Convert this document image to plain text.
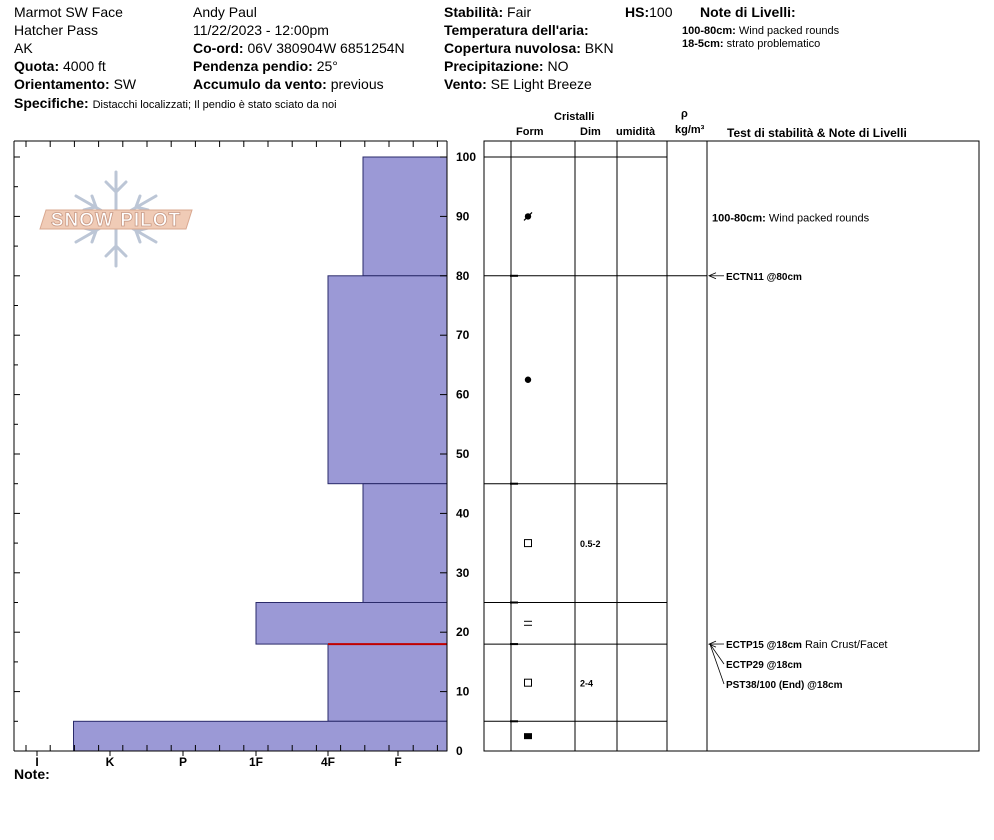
Marmot SW Face
Hatcher Pass
AK
Quota: 4000 ft
Orientamento: SW
Specifiche: Distacchi localizzati; Il pendio è stato sciato da noi
Andy Paul
11/22/2023 - 12:00pm
Co-ord: 06V 380904W 6851254N
Pendenza pendio: 25°
Accumulo da vento: previous
Stabilità: Fair	HS:100
Temperatura dell'aria:
Copertura nuvolosa: BKN
Precipitazione: NO
Vento: SE Light Breeze
Note di Livelli:
100-80cm: Wind packed rounds
18-5cm: strato problematico
Cristalli
Form	Dim umidità
ρ
kg/m³ Test di stabilità & Note di Livelli
SNOW PILOT
I	K	P	1F	4F	F
0
10
20
30
40
50
60
70
80
90
100
0.5-2
2-4
100-80cm: Wind packed rounds
ECTN11 @80cm
ECTP15 @18cm Rain Crust/Facet
ECTP29 @18cm
PST38/100 (End) @18cm
Note:
